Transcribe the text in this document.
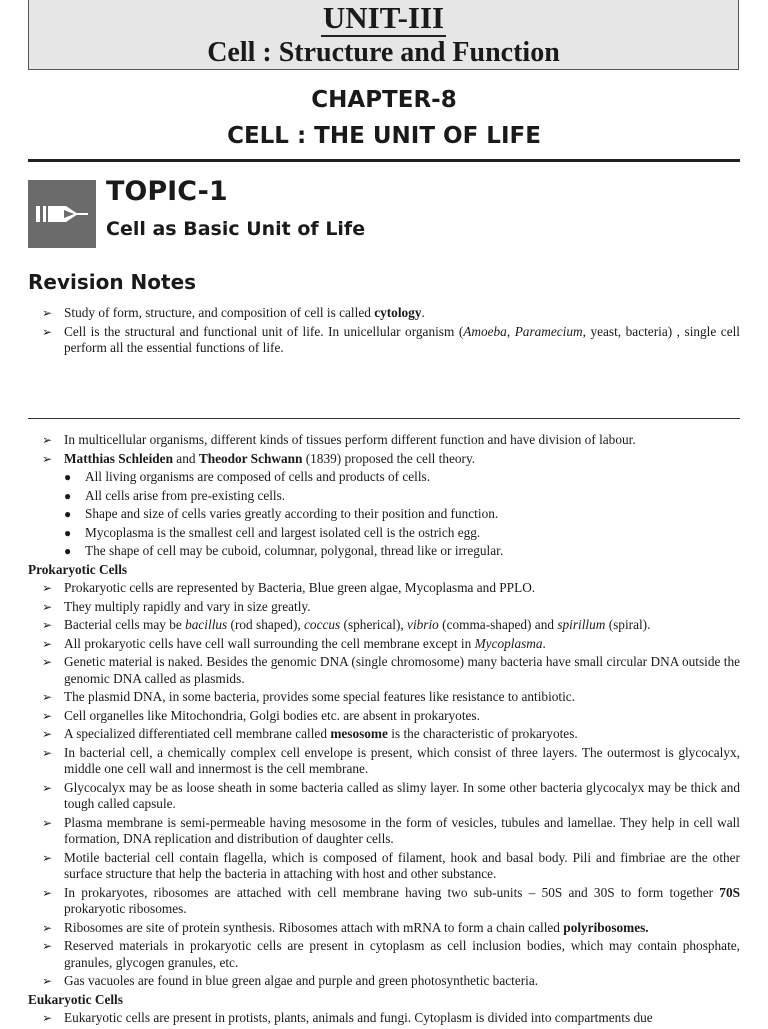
UNIT-III
Cell : Structure and Function
CHAPTER-8
CELL : THE UNIT OF LIFE
TOPIC-1
Cell as Basic Unit of Life
Revision Notes
➢ Study of form, structure, and composition of cell is called cytology.
➢ Cell is the structural and functional unit of life. In unicellular organism (Amoeba, Paramecium, yeast, bacteria) , single cell perform all the essential functions of life.
➢ In multicellular organisms, different kinds of tissues perform different function and have division of labour.
➢ Matthias Schleiden and Theodor Schwann (1839) proposed the cell theory.
● All living organisms are composed of cells and products of cells.
● All cells arise from pre-existing cells.
● Shape and size of cells varies greatly according to their position and function.
● Mycoplasma is the smallest cell and largest isolated cell is the ostrich egg.
● The shape of cell may be cuboid, columnar, polygonal, thread like or irregular.
Prokaryotic Cells
➢ Prokaryotic cells are represented by Bacteria, Blue green algae, Mycoplasma and PPLO.
➢ They multiply rapidly and vary in size greatly.
➢ Bacterial cells may be bacillus (rod shaped), coccus (spherical), vibrio (comma-shaped) and spirillum (spiral).
➢ All prokaryotic cells have cell wall surrounding the cell membrane except in Mycoplasma.
➢ Genetic material is naked. Besides the genomic DNA (single chromosome) many bacteria have small circular DNA outside the genomic DNA called as plasmids.
➢ The plasmid DNA, in some bacteria, provides some special features like resistance to antibiotic.
➢ Cell organelles like Mitochondria, Golgi bodies etc. are absent in prokaryotes.
➢ A specialized differentiated cell membrane called mesosome is the characteristic of prokaryotes.
➢ In bacterial cell, a chemically complex cell envelope is present, which consist of three layers. The outermost is glycocalyx, middle one cell wall and innermost is the cell membrane.
➢ Glycocalyx may be as loose sheath in some bacteria called as slimy layer. In some other bacteria glycocalyx may be thick and tough called capsule.
➢ Plasma membrane is semi-permeable having mesosome in the form of vesicles, tubules and lamellae. They help in cell wall formation, DNA replication and distribution of daughter cells.
➢ Motile bacterial cell contain flagella, which is composed of filament, hook and basal body. Pili and fimbriae are the other surface structure that help the bacteria in attaching with host and other substance.
➢ In prokaryotes, ribosomes are attached with cell membrane having two sub-units – 50S and 30S to form together 70S prokaryotic ribosomes.
➢ Ribosomes are site of protein synthesis. Ribosomes attach with mRNA to form a chain called polyribosomes.
➢ Reserved materials in prokaryotic cells are present in cytoplasm as cell inclusion bodies, which may contain phosphate, granules, glycogen granules, etc.
➢ Gas vacuoles are found in blue green algae and purple and green photosynthetic bacteria.
Eukaryotic Cells
➢ Eukaryotic cells are present in protists, plants, animals and fungi. Cytoplasm is divided into compartments due
